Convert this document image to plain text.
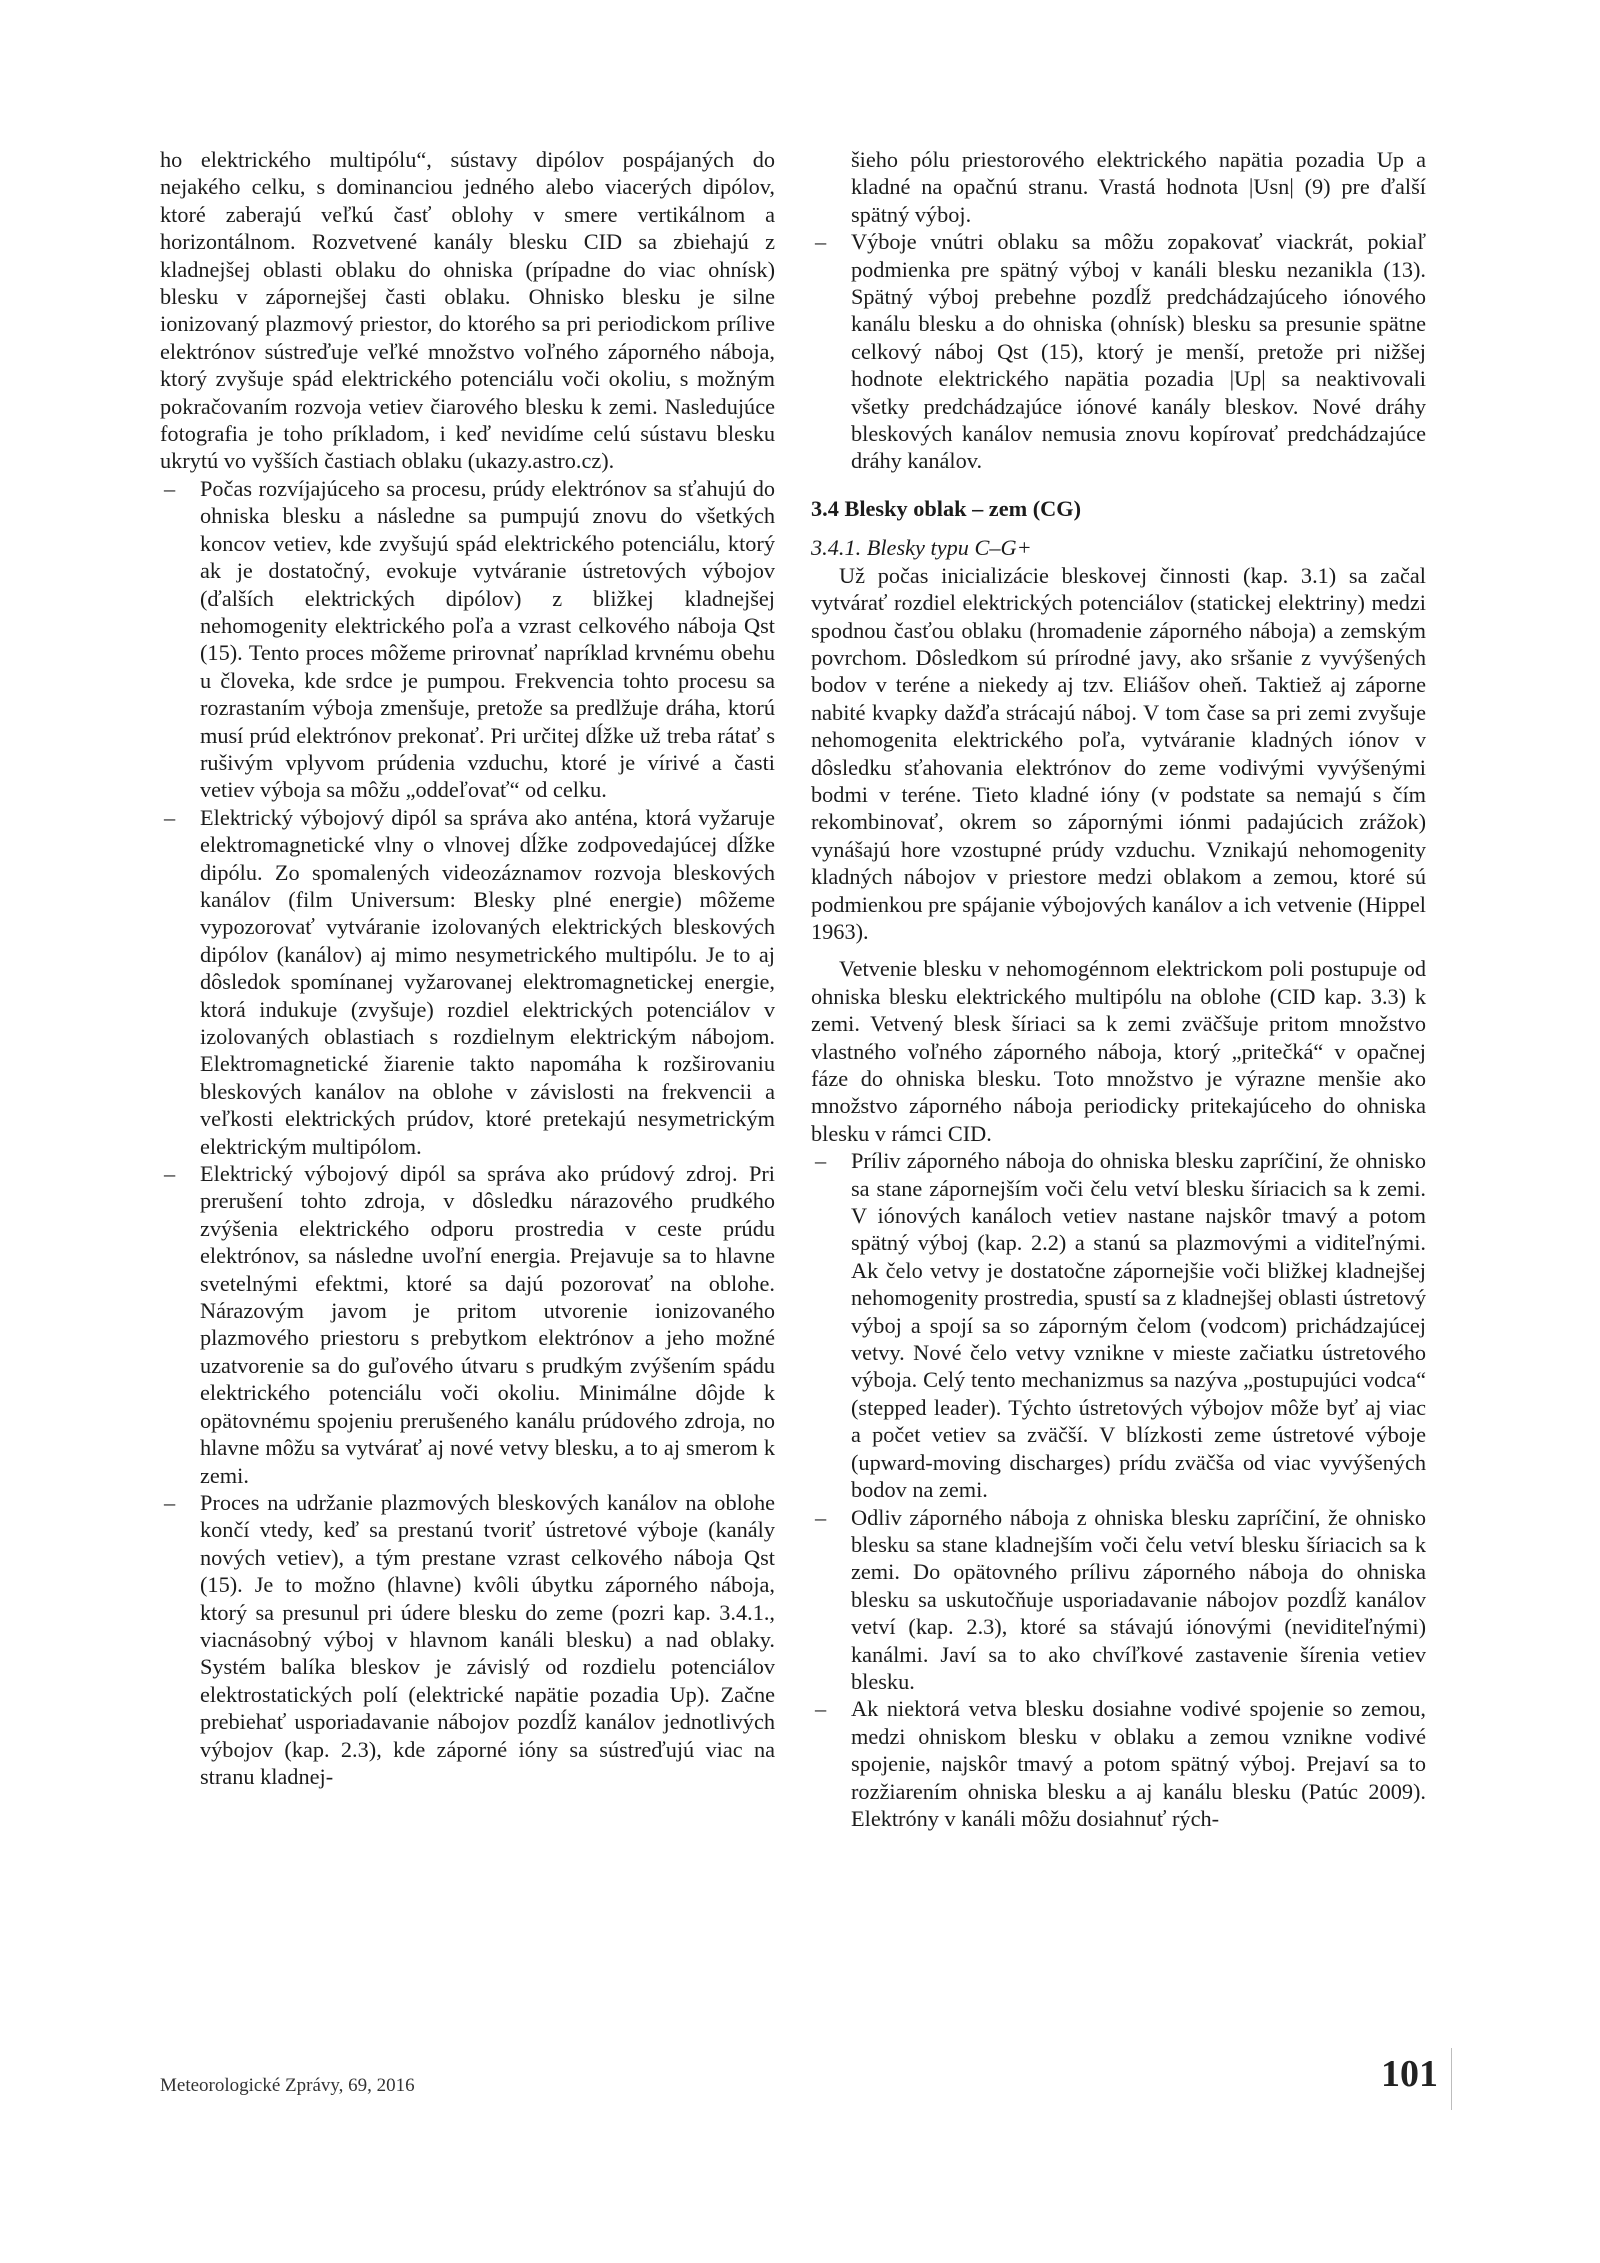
ho elektrického multipólu“, sústavy dipólov pospájaných do nejakého celku, s dominanciou jedného alebo viacerých dipólov, ktoré zaberajú veľkú časť oblohy v smere vertikálnom a horizontálnom. Rozvetvené kanály blesku CID sa zbiehajú z kladnejšej oblasti oblaku do ohniska (prípadne do viac ohnísk) blesku v zápornejšej časti oblaku. Ohnisko blesku je silne ionizovaný plazmový priestor, do ktorého sa pri periodickom prílive elektrónov sústreďuje veľké množstvo voľného záporného náboja, ktorý zvyšuje spád elektrického potenciálu voči okoliu, s možným pokračovaním rozvoja vetiev čiarového blesku k zemi. Nasledujúce fotografia je toho príkladom, i keď nevidíme celú sústavu blesku ukrytú vo vyšších častiach oblaku (ukazy.astro.cz).

– Počas rozvíjajúceho sa procesu, prúdy elektrónov sa sťahujú do ohniska blesku a následne sa pumpujú znovu do všetkých koncov vetiev, kde zvyšujú spád elektrického potenciálu, ktorý ak je dostatočný, evokuje vytváranie ústretových výbojov (ďalších elektrických dipólov) z bližkej kladnejšej nehomogenity elektrického poľa a vzrast celkového náboja Qst (15). Tento proces môžeme prirovnať napríklad krvnému obehu u človeka, kde srdce je pumpou. Frekvencia tohto procesu sa rozrastaním výboja zmenšuje, pretože sa predlžuje dráha, ktorú musí prúd elektrónov prekonať. Pri určitej dĺžke už treba rátať s rušivým vplyvom prúdenia vzduchu, ktoré je vírivé a časti vetiev výboja sa môžu „oddeľovať“ od celku.

– Elektrický výbojový dipól sa správa ako anténa, ktorá vyžaruje elektromagnetické vlny o vlnovej dĺžke zodpovedajúcej dĺžke dipólu. Zo spomalených videozáznamov rozvoja bleskových kanálov (film Universum: Blesky plné energie) môžeme vypozorovať vytváranie izolovaných elektrických bleskových dipólov (kanálov) aj mimo nesymetrického multipólu. Je to aj dôsledok spomínanej vyžarovanej elektromagnetickej energie, ktorá indukuje (zvyšuje) rozdiel elektrických potenciálov v izolovaných oblastiach s rozdielnym elektrickým nábojom. Elektromagnetické žiarenie takto napomáha k rozširovaniu bleskových kanálov na oblohe v závislosti na frekvencii a veľkosti elektrických prúdov, ktoré pretekajú nesymetrickým elektrickým multipólom.

– Elektrický výbojový dipól sa správa ako prúdový zdroj. Pri prerušení tohto zdroja, v dôsledku nárazového prudkého zvýšenia elektrického odporu prostredia v ceste prúdu elektrónov, sa následne uvoľní energia. Prejavuje sa to hlavne svetelnými efektmi, ktoré sa dajú pozorovať na oblohe. Nárazovým javom je pritom utvorenie ionizovaného plazmového priestoru s prebytkom elektrónov a jeho možné uzatvorenie sa do guľového útvaru s prudkým zvýšením spádu elektrického potenciálu voči okoliu. Minimálne dôjde k opätovnému spojeniu prerušeného kanálu prúdového zdroja, no hlavne môžu sa vytvárať aj nové vetvy blesku, a to aj smerom k zemi.

– Proces na udržanie plazmových bleskových kanálov na oblohe končí vtedy, keď sa prestanú tvoriť ústretové výboje (kanály nových vetiev), a tým prestane vzrast celkového náboja Qst (15). Je to možno (hlavne) kvôli úbytku záporného náboja, ktorý sa presunul pri údere blesku do zeme (pozri kap. 3.4.1., viacnásobný výboj v hlavnom kanáli blesku) a nad oblaky. Systém balíka bleskov je závislý od rozdielu potenciálov elektrostatických polí (elektrické napätie pozadia Up). Začne prebiehať usporiadavanie nábojov pozdĺž kanálov jednotlivých výbojov (kap. 2.3), kde záporné ióny sa sústreďujú viac na stranu kladnej-

šieho pólu priestorového elektrického napätia pozadia Up a kladné na opačnú stranu. Vrastá hodnota |Usn| (9) pre ďalší spätný výboj.

– Výboje vnútri oblaku sa môžu zopakovať viackrát, pokiaľ podmienka pre spätný výboj v kanáli blesku nezanikla (13). Spätný výboj prebehne pozdĺž predchádzajúceho iónového kanálu blesku a do ohniska (ohnísk) blesku sa presunie spätne celkový náboj Qst (15), ktorý je menší, pretože pri nižšej hodnote elektrického napätia pozadia |Up| sa neaktivovali všetky predchádzajúce iónové kanály bleskov. Nové dráhy bleskových kanálov nemusia znovu kopírovať predchádzajúce dráhy kanálov.

3.4 Blesky oblak – zem (CG)
3.4.1. Blesky typu C–G+

Už počas inicializácie bleskovej činnosti (kap. 3.1) sa začal vytvárať rozdiel elektrických potenciálov (statickej elektriny) medzi spodnou časťou oblaku (hromadenie záporného náboja) a zemským povrchom. Dôsledkom sú prírodné javy, ako sršanie z vyvýšených bodov v teréne a niekedy aj tzv. Eliášov oheň. Taktiež aj záporne nabité kvapky dažďa strácajú náboj. V tom čase sa pri zemi zvyšuje nehomogenita elektrického poľa, vytváranie kladných iónov v dôsledku sťahovania elektrónov do zeme vodivými vyvýšenými bodmi v teréne. Tieto kladné ióny (v podstate sa nemajú s čím rekombinovať, okrem so zápornými iónmi padajúcich zrážok) vynášajú hore vzostupné prúdy vzduchu. Vznikajú nehomogenity kladných nábojov v priestore medzi oblakom a zemou, ktoré sú podmienkou pre spájanie výbojových kanálov a ich vetvenie (Hippel 1963).

Vetvenie blesku v nehomogénnom elektrickom poli postupuje od ohniska blesku elektrického multipólu na oblohe (CID kap. 3.3) k zemi. Vetvený blesk šíriaci sa k zemi zväčšuje pritom množstvo vlastného voľného záporného náboja, ktorý „pritečká“ v opačnej fáze do ohniska blesku. Toto množstvo je výrazne menšie ako množstvo záporného náboja periodicky pritekajúceho do ohniska blesku v rámci CID.

– Príliv záporného náboja do ohniska blesku zapríčiní, že ohnisko sa stane zápornejším voči čelu vetví blesku šíriacich sa k zemi. V iónových kanáloch vetiev nastane najskôr tmavý a potom spätný výboj (kap. 2.2) a stanú sa plazmovými a viditeľnými. Ak čelo vetvy je dostatočne zápornejšie voči bližkej kladnejšej nehomogenity prostredia, spustí sa z kladnejšej oblasti ústretový výboj a spojí sa so záporným čelom (vodcom) prichádzajúcej vetvy. Nové čelo vetvy vznikne v mieste začiatku ústretového výboja. Celý tento mechanizmus sa nazýva „postupujúci vodca“ (stepped leader). Týchto ústretových výbojov môže byť aj viac a počet vetiev sa zväčší. V blízkosti zeme ústretové výboje (upward-moving discharges) prídu zväčša od viac vyvýšených bodov na zemi.

– Odliv záporného náboja z ohniska blesku zapríčiní, že ohnisko blesku sa stane kladnejším voči čelu vetví blesku šíriacich sa k zemi. Do opätovného prílivu záporného náboja do ohniska blesku sa uskutočňuje usporiadavanie nábojov pozdĺž kanálov vetví (kap. 2.3), ktoré sa stávajú iónovými (neviditeľnými) kanálmi. Javí sa to ako chvíľkové zastavenie šírenia vetiev blesku.

– Ak niektorá vetva blesku dosiahne vodivé spojenie so zemou, medzi ohniskom blesku v oblaku a zemou vznikne vodivé spojenie, najskôr tmavý a potom spätný výboj. Prejaví sa to rozžiarením ohniska blesku a aj kanálu blesku (Patúc 2009). Elektróny v kanáli môžu dosiahnuť rých-

Meteorologické Zprávy, 69, 2016	101
